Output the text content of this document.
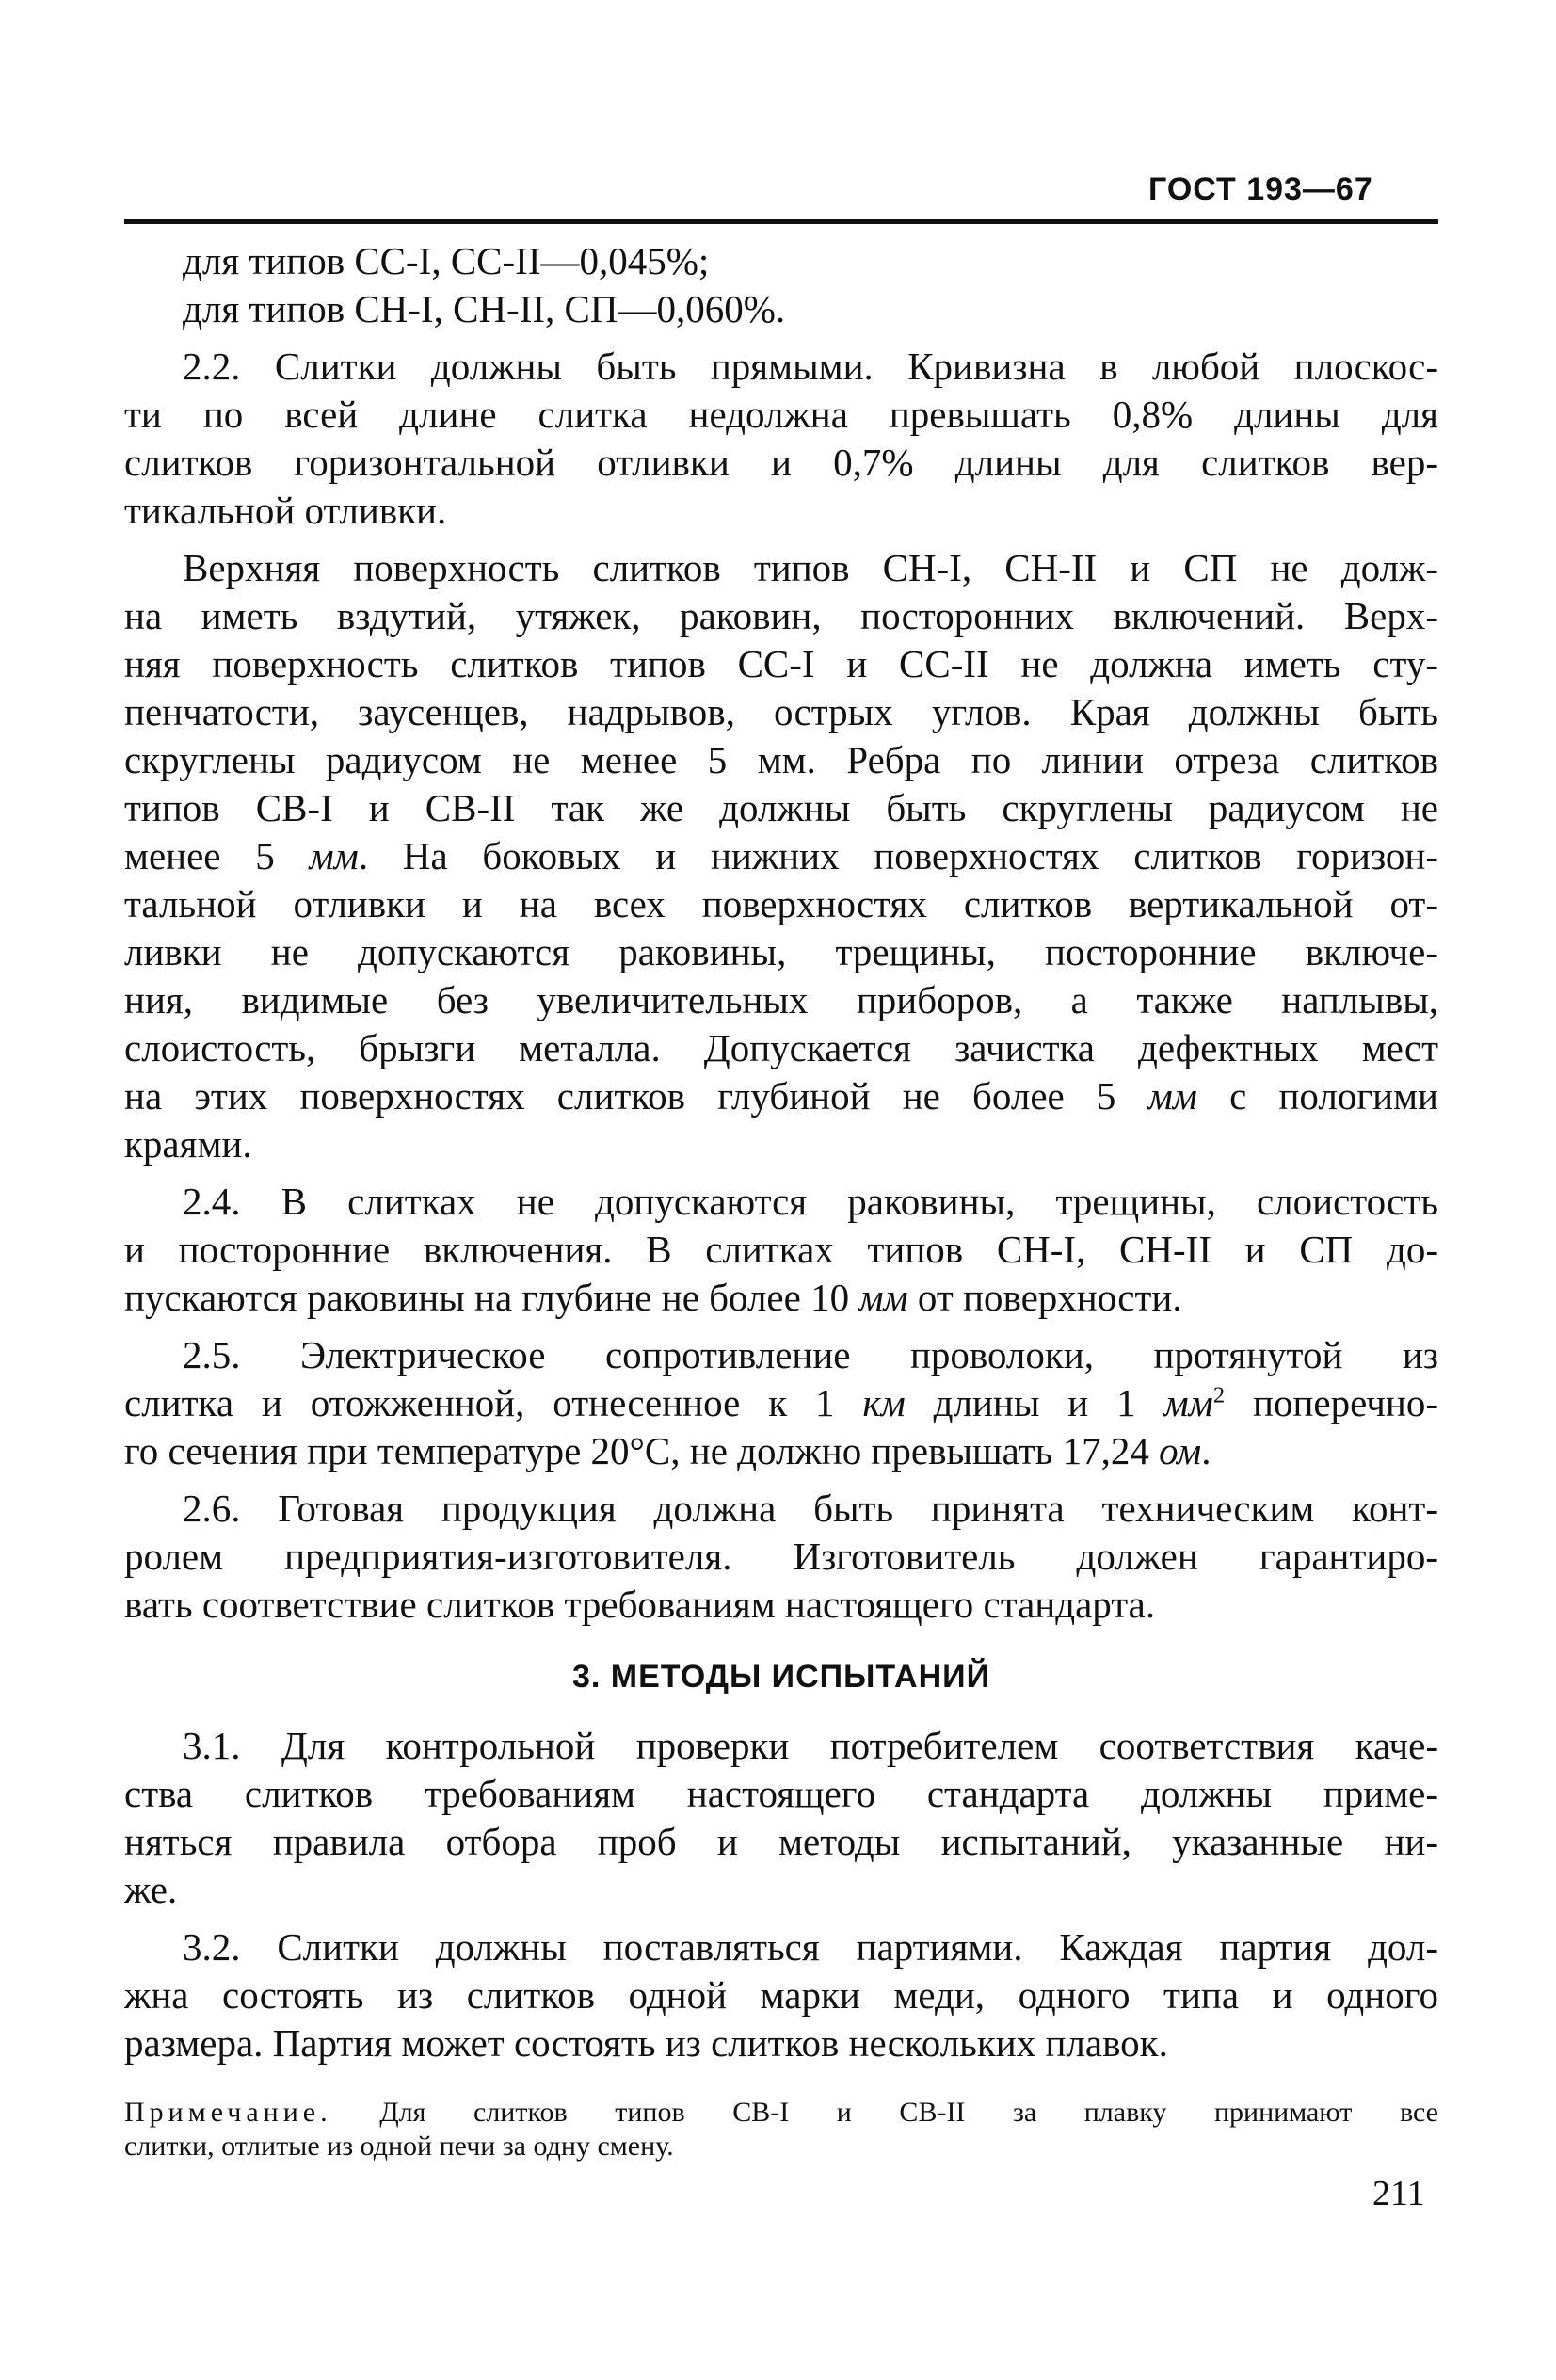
ГОСТ 193—67
для типов СС-I, СС-II—0,045%;
для типов СН-I, СН-II, СП—0,060%.
2.2. Слитки должны быть прямыми. Кривизна в любой плоскос-
ти по всей длине слитка недолжна превышать 0,8% длины для
слитков горизонтальной отливки и 0,7% длины для слитков вер-
тикальной отливки.
Верхняя поверхность слитков типов СН-I, СН-II и СП не долж-
на иметь вздутий, утяжек, раковин, посторонних включений. Верх-
няя поверхность слитков типов СС-I и СС-II не должна иметь сту-
пенчатости, заусенцев, надрывов, острых углов. Края должны быть
скруглены радиусом не менее 5 мм. Ребра по линии отреза слитков
типов СВ-I и СВ-II так же должны быть скруглены радиусом не
менее 5 мм. На боковых и нижних поверхностях слитков горизон-
тальной отливки и на всех поверхностях слитков вертикальной от-
ливки не допускаются раковины, трещины, посторонние включе-
ния, видимые без увеличительных приборов, а также наплывы,
слоистость, брызги металла. Допускается зачистка дефектных мест
на этих поверхностях слитков глубиной не более 5 мм с пологими
краями.
2.4. В слитках не допускаются раковины, трещины, слоистость
и посторонние включения. В слитках типов СН-I, СН-II и СП до-
пускаются раковины на глубине не более 10 мм от поверхности.
2.5. Электрическое сопротивление проволоки, протянутой из
слитка и отожженной, отнесенное к 1 км длины и 1 $мм^2$ поперечно-
го сечения при температуре 20°С, не должно превышать 17,24 ом.
2.6. Готовая продукция должна быть принята техническим конт-
ролем предприятия-изготовителя. Изготовитель должен гарантиро-
вать соответствие слитков требованиям настоящего стандарта.
3. МЕТОДЫ ИСПЫТАНИЙ
3.1. Для контрольной проверки потребителем соответствия каче-
ства слитков требованиям настоящего стандарта должны приме-
няться правила отбора проб и методы испытаний, указанные ни-
же.
3.2. Слитки должны поставляться партиями. Каждая партия дол-
жна состоять из слитков одной марки меди, одного типа и одного
размера. Партия может состоять из слитков нескольких плавок.
Примечание. Для слитков типов СВ-I и СВ-II за плавку принимают все
слитки, отлитые из одной печи за одну смену.
211
